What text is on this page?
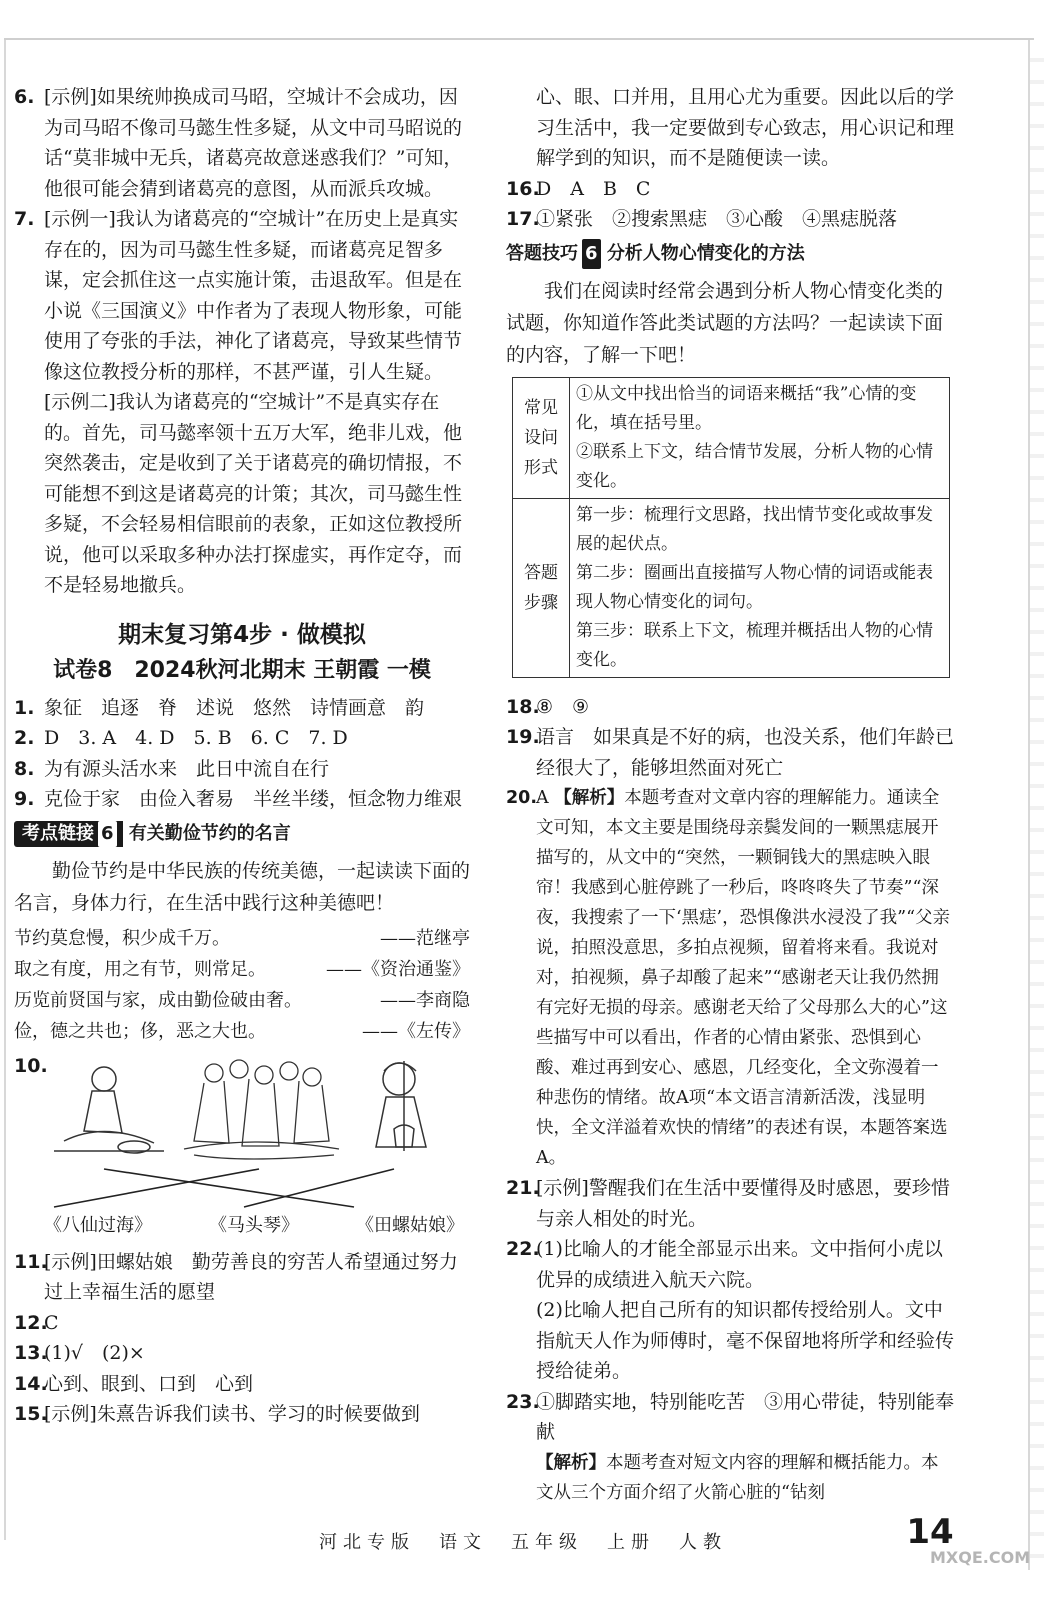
6. [示例]如果统帅换成司马昭，空城计不会成功，因为司马昭不像司马懿生性多疑，从文中司马昭说的话“莫非城中无兵，诸葛亮故意迷惑我们？”可知，他很可能会猜到诸葛亮的意图，从而派兵攻城。
7. [示例一]我认为诸葛亮的“空城计”在历史上是真实存在的，因为司马懿生性多疑，而诸葛亮足智多谋，定会抓住这一点实施计策，击退敌军。但是在小说《三国演义》中作者为了表现人物形象，可能使用了夸张的手法，神化了诸葛亮，导致某些情节像这位教授分析的那样，不甚严谨，引人生疑。
[示例二]我认为诸葛亮的“空城计”不是真实存在的。首先，司马懿率领十五万大军，绝非儿戏，他突然袭击，定是收到了关于诸葛亮的确切情报，不可能想不到这是诸葛亮的计策；其次，司马懿生性多疑，不会轻易相信眼前的表象，正如这位教授所说，他可以采取多种办法打探虚实，再作定夺，而不是轻易地撤兵。
期末复习第4步 · 做模拟
试卷8　2024秋河北期末 王朝霞 一模
1. 象征　追逐　脊　述说　悠然　诗情画意　韵
2. D　3. A　4. D　5. B　6. C　7. D
8. 为有源头活水来　此日中流自在行
9. 克俭于家　由俭入奢易　半丝半缕，恒念物力维艰
考点链接 6 有关勤俭节约的名言
勤俭节约是中华民族的传统美德，一起读读下面的名言，身体力行，在生活中践行这种美德吧！
节约莫怠慢，积少成千万。	——范继亭
取之有度，用之有节，则常足。	——《资治通鉴》
历览前贤国与家，成由勤俭破由奢。	——李商隐
俭，德之共也；侈，恶之大也。	——《左传》
10.
《八仙过海》	《马头琴》	《田螺姑娘》
11.
[示例]田螺姑娘　勤劳善良的穷苦人希望通过努力过上幸福生活的愿望
12.
C
13.
(1)√　(2)×
14.
心到、眼到、口到　心到
15.
[示例]朱熹告诉我们读书、学习的时候要做到
心、眼、口并用，且用心尤为重要。因此以后的学习生活中，我一定要做到专心致志，用心识记和理解学到的知识，而不是随便读一读。
16.
D　A　B　C
17.
①紧张　②搜索黑痣　③心酸　④黑痣脱落
答题技巧 6 分析人物心情变化的方法
我们在阅读时经常会遇到分析人物心情变化类的试题，你知道作答此类试题的方法吗？一起读读下面的内容，了解一下吧！
常见设问形式	①从文中找出恰当的词语来概括“我”心情的变化，填在括号里。
②联系上下文，结合情节发展，分析人物的心情变化。

答题步骤	第一步：梳理行文思路，找出情节变化或故事发展的起伏点。
第二步：圈画出直接描写人物心情的词语或能表现人物心情变化的词句。
第三步：联系上下文，梳理并概括出人物的心情变化。
18.
⑧　⑨
19.
语言　如果真是不好的病，也没关系，他们年龄已经很大了，能够坦然面对死亡
20.
A 【解析】本题考查对文章内容的理解能力。通读全文可知，本文主要是围绕母亲鬓发间的一颗黑痣展开描写的，从文中的“突然，一颗铜钱大的黑痣映入眼帘！我感到心脏停跳了一秒后，咚咚咚失了节奏”“深夜，我搜索了一下‘黑痣’，恐惧像洪水浸没了我”“父亲说，拍照没意思，多拍点视频，留着将来看。我说对对，拍视频，鼻子却酸了起来”“感谢老天让我仍然拥有完好无损的母亲。感谢老天给了父母那么大的心”这些描写中可以看出，作者的心情由紧张、恐惧到心酸、难过再到安心、感恩，几经变化，全文弥漫着一种悲伤的情绪。故A项“本文语言清新活泼，浅显明快，全文洋溢着欢快的情绪”的表述有误，本题答案选A。
21.
[示例]警醒我们在生活中要懂得及时感恩，要珍惜与亲人相处的时光。
22.
(1)比喻人的才能全部显示出来。文中指何小虎以优异的成绩进入航天六院。
(2)比喻人把自己所有的知识都传授给别人。文中指航天人作为师傅时，毫不保留地将所学和经验传授给徒弟。
23.
①脚踏实地，特别能吃苦　③用心带徒，特别能奉献
【解析】本题考查对短文内容的理解和概括能力。本文从三个方面介绍了火箭心脏的“钻刻
河北专版　语文　五年级　上册　人教	14
MXQE.COM
